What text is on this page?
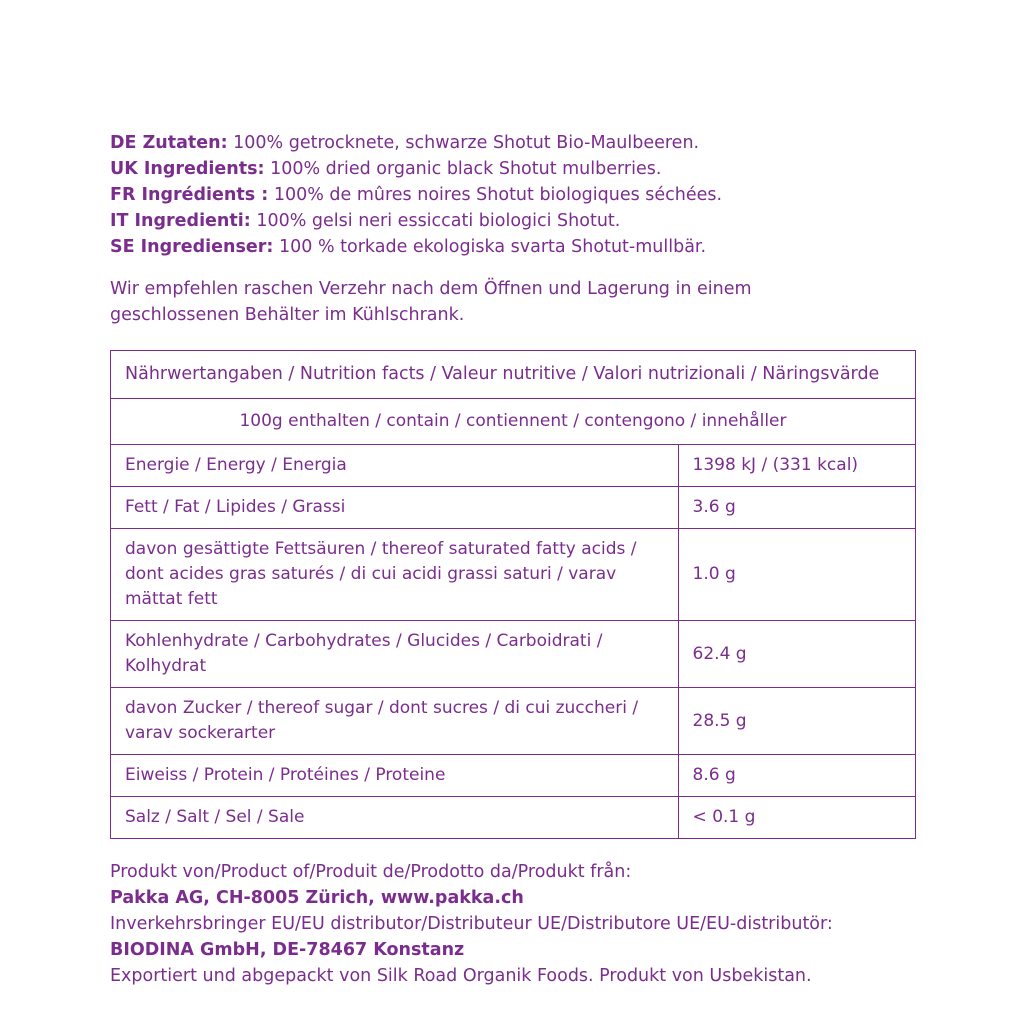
DE Zutaten: 100% getrocknete, schwarze Shotut Bio-Maulbeeren.
UK Ingredients: 100% dried organic black Shotut mulberries.
FR Ingrédients : 100% de mûres noires Shotut biologiques séchées.
IT Ingredienti: 100% gelsi neri essiccati biologici Shotut.
SE Ingredienser: 100 % torkade ekologiska svarta Shotut-mullbär.
Wir empfehlen raschen Verzehr nach dem Öffnen und Lagerung in einem geschlossenen Behälter im Kühlschrank.
Nährwertangaben / Nutrition facts / Valeur nutritive / Valori nutrizionali / Näringsvärde	
100g enthalten / contain / contiennent / contengono / innehåller	
Energie / Energy / Energia	1398 kJ / (331 kcal)
Fett / Fat / Lipides / Grassi	3.6 g
davon gesättigte Fettsäuren / thereof saturated fatty acids / dont acides gras saturés / di cui acidi grassi saturi / varav mättat fett	1.0 g
Kohlenhydrate / Carbohydrates / Glucides / Carboidrati / Kolhydrat	62.4 g
davon Zucker / thereof sugar / dont sucres / di cui zuccheri / varav sockerarter	28.5 g
Eiweiss / Protein / Protéines / Proteine	8.6 g
Salz / Salt / Sel / Sale	< 0.1 g
Produkt von/Product of/Produit de/Prodotto da/Produkt från:
Pakka AG, CH-8005 Zürich, www.pakka.ch
Inverkehrsbringer EU/EU distributor/Distributeur UE/Distributore UE/EU-distributör:
BIODINA GmbH, DE-78467 Konstanz
Exportiert und abgepackt von Silk Road Organik Foods. Produkt von Usbekistan.
